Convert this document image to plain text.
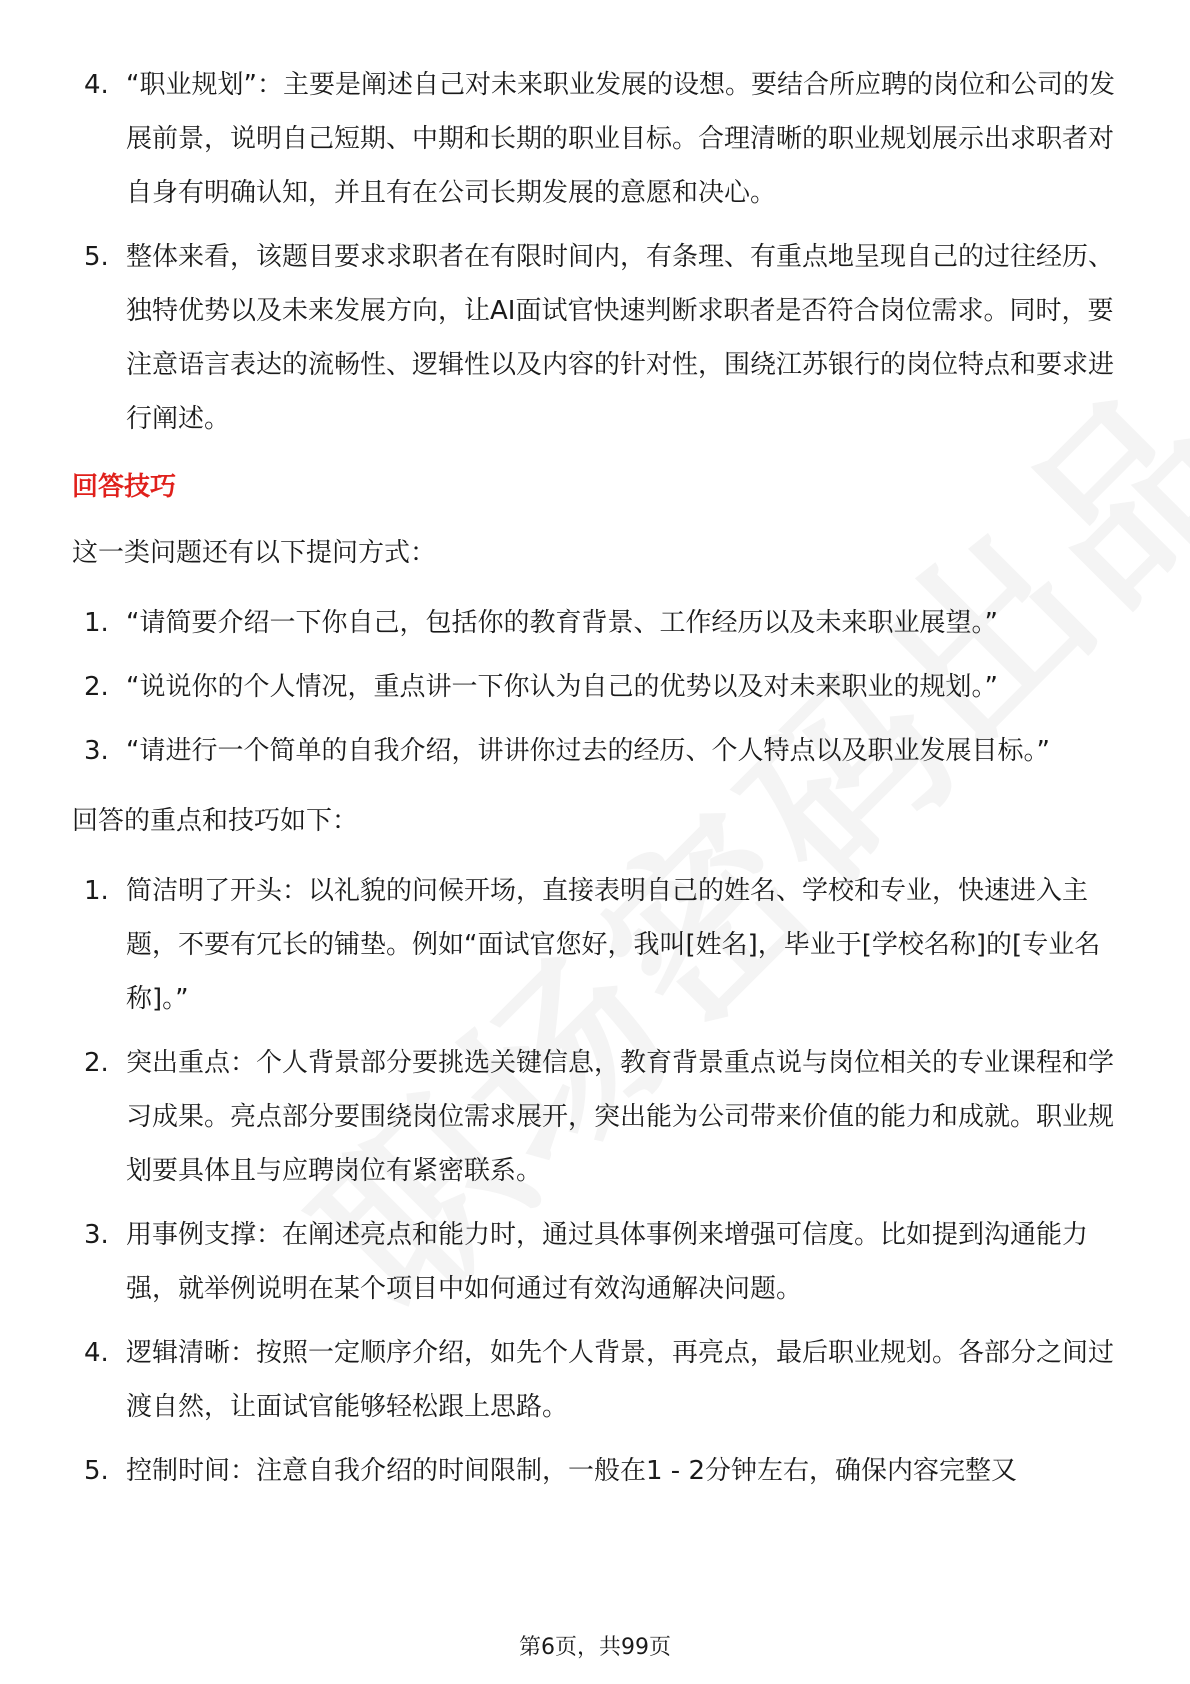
4. “职业规划”：主要是阐述自己对未来职业发展的设想。要结合所应聘的岗位和公司的发展前景，说明自己短期、中期和长期的职业目标。合理清晰的职业规划展示出求职者对自身有明确认知，并且有在公司长期发展的意愿和决心。
5. 整体来看，该题目要求求职者在有限时间内，有条理、有重点地呈现自己的过往经历、独特优势以及未来发展方向，让AI面试官快速判断求职者是否符合岗位需求。同时，要注意语言表达的流畅性、逻辑性以及内容的针对性，围绕江苏银行的岗位特点和要求进行阐述。
回答技巧
这一类问题还有以下提问方式：
1. “请简要介绍一下你自己，包括你的教育背景、工作经历以及未来职业展望。”
2. “说说你的个人情况，重点讲一下你认为自己的优势以及对未来职业的规划。”
3. “请进行一个简单的自我介绍，讲讲你过去的经历、个人特点以及职业发展目标。”
回答的重点和技巧如下：
1. 简洁明了开头：以礼貌的问候开场，直接表明自己的姓名、学校和专业，快速进入主题，不要有冗长的铺垫。例如“面试官您好，我叫[姓名]，毕业于[学校名称]的[专业名称]。”
2. 突出重点：个人背景部分要挑选关键信息，教育背景重点说与岗位相关的专业课程和学习成果。亮点部分要围绕岗位需求展开，突出能为公司带来价值的能力和成就。职业规划要具体且与应聘岗位有紧密联系。
3. 用事例支撑：在阐述亮点和能力时，通过具体事例来增强可信度。比如提到沟通能力强，就举例说明在某个项目中如何通过有效沟通解决问题。
4. 逻辑清晰：按照一定顺序介绍，如先个人背景，再亮点，最后职业规划。各部分之间过渡自然，让面试官能够轻松跟上思路。
5. 控制时间：注意自我介绍的时间限制，一般在1 - 2分钟左右，确保内容完整又
第6页，共99页
